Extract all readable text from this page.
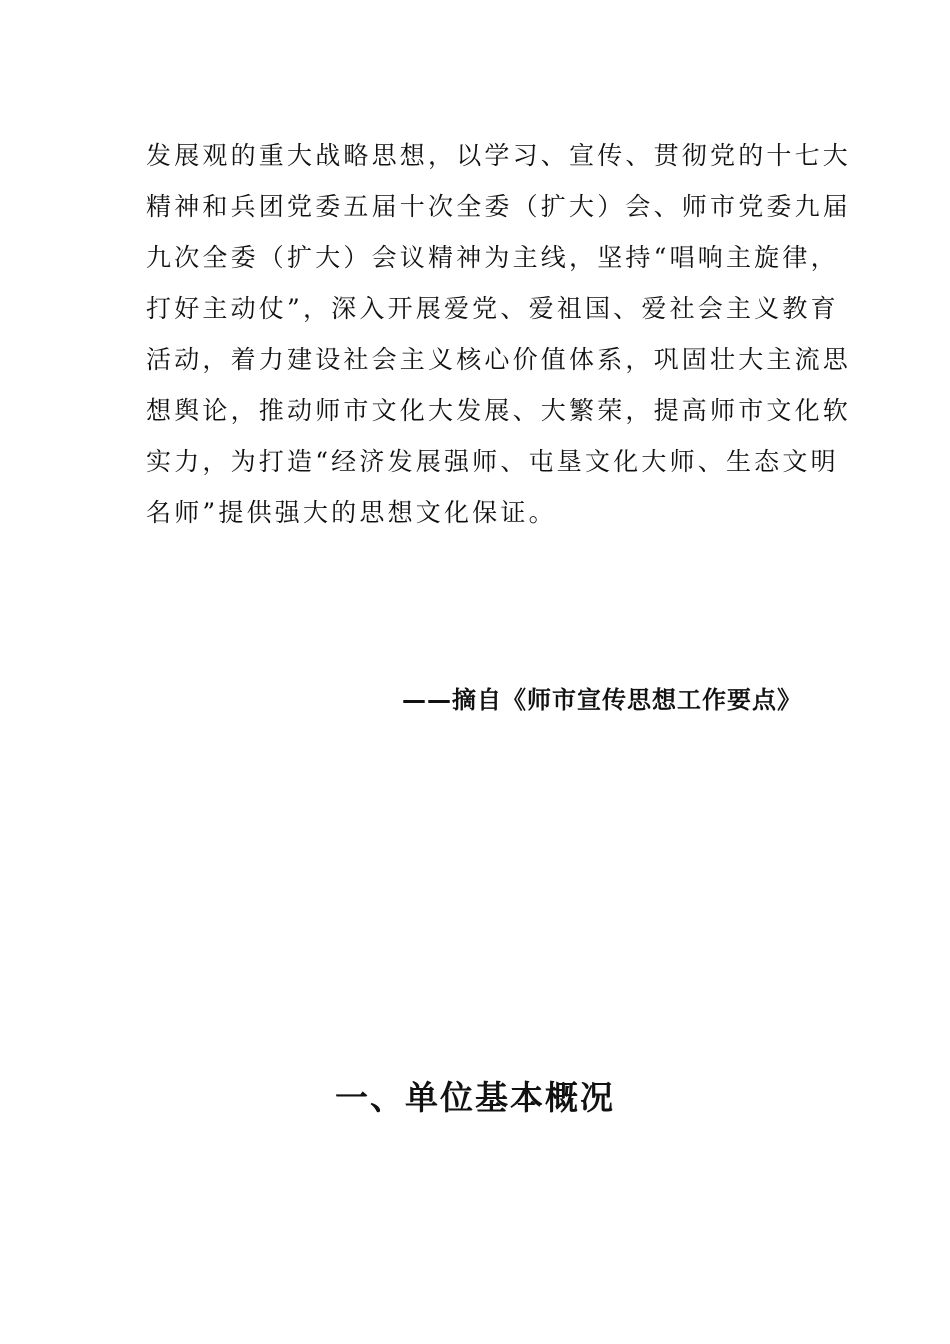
发展观的重大战略思想，以学习、宣传、贯彻党的十七大
精神和兵团党委五届十次全委（扩大）会、师市党委九届
九次全委（扩大）会议精神为主线，坚持“唱响主旋律，
打好主动仗”，深入开展爱党、爱祖国、爱社会主义教育
活动，着力建设社会主义核心价值体系，巩固壮大主流思
想舆论，推动师市文化大发展、大繁荣，提高师市文化软
实力，为打造“经济发展强师、屯垦文化大师、生态文明
名师”提供强大的思想文化保证。
——摘自《师市宣传思想工作要点》
一、单位基本概况
